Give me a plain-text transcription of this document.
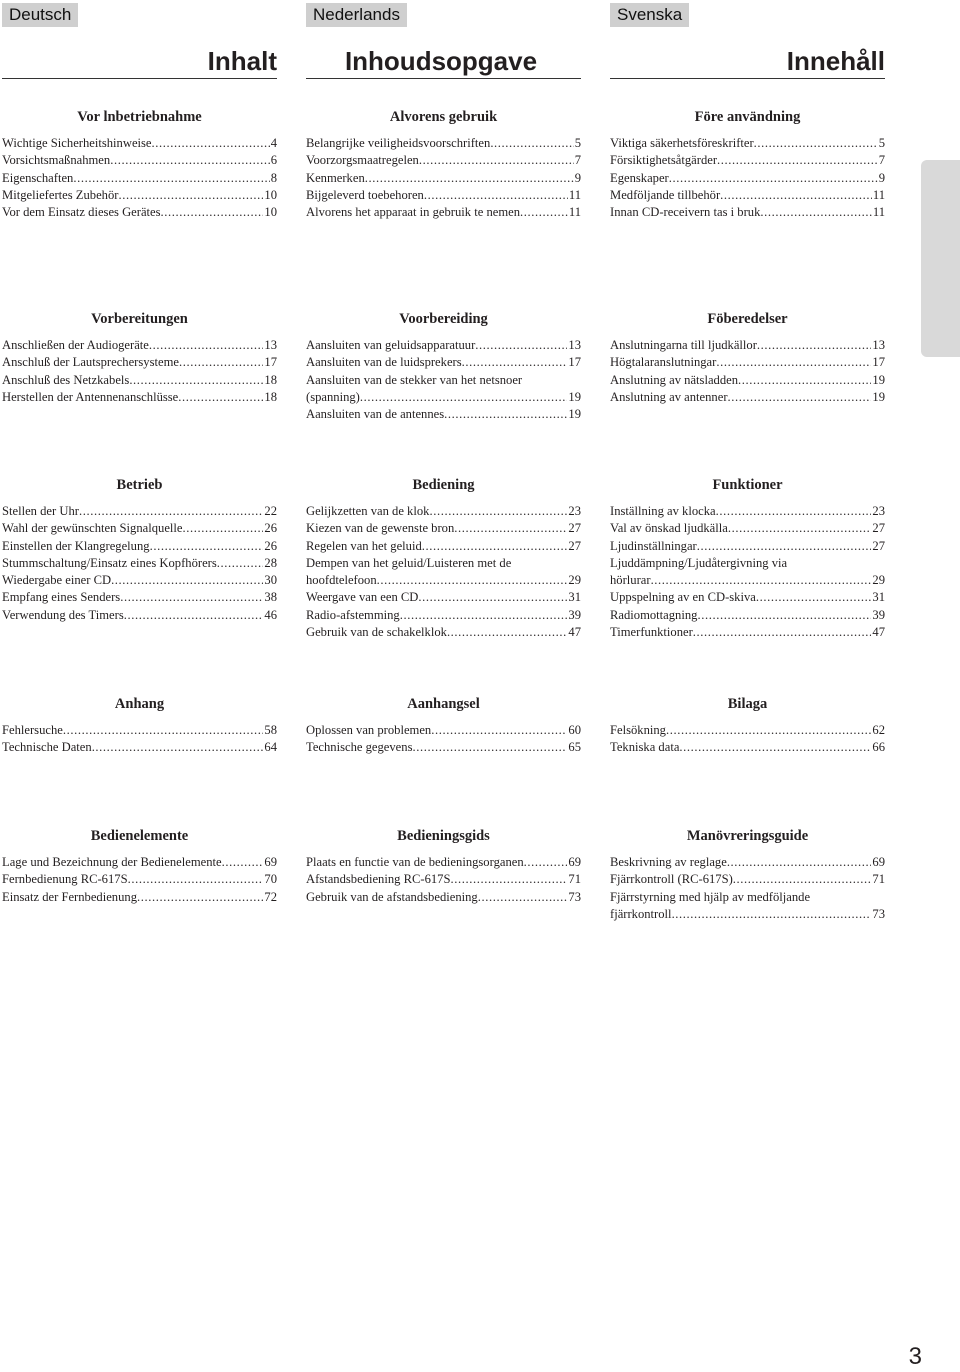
Deutsch
Inhalt
Vor lnbetriebnahme
Wichtige Sicherheitshinweise .....	4
Vorsichtsmaßnahmen .....	6
Eigenschaften .....	8
Mitgeliefertes Zubehör .....	10
Vor dem Einsatz dieses Gerätes .....	10
Vorbereitungen
Anschließen der Audiogeräte .....	13
Anschluß der Lautsprechersysteme .....	17
Anschluß des Netzkabels .....	18
Herstellen der Antennenanschlüsse .....	18
Betrieb
Stellen der Uhr .....	22
Wahl der gewünschten Signalquelle .....	26
Einstellen der Klangregelung .....	26
Stummschaltung/Einsatz eines Kopfhörers .....	28
Wiedergabe einer CD .....	30
Empfang eines Senders .....	38
Verwendung des Timers .....	46
Anhang
Fehlersuche .....	58
Technische Daten .....	64
Bedienelemente
Lage und Bezeichnung der Bedienelemente .....	69
Fernbedienung RC-617S .....	70
Einsatz der Fernbedienung .....	72
Nederlands
Inhoudsopgave
Alvorens gebruik
Belangrijke veiligheidsvoorschriften .....	5
Voorzorgsmaatregelen .....	7
Kenmerken .....	9
Bijgeleverd toebehoren .....	11
Alvorens het apparaat in gebruik te nemen .....	11
Voorbereiding
Aansluiten van geluidsapparatuur .....	13
Aansluiten van de luidsprekers .....	17
Aansluiten van de stekker van het netsnoer
(spanning) .....	19
Aansluiten van de antennes .....	19
Bediening
Gelijkzetten van de klok .....	23
Kiezen van de gewenste bron .....	27
Regelen van het geluid .....	27
Dempen van het geluid/Luisteren met de
hoofdtelefoon .....	29
Weergave van een CD .....	31
Radio-afstemming .....	39
Gebruik van de schakelklok .....	47
Aanhangsel
Oplossen van problemen .....	60
Technische gegevens .....	65
Bedieningsgids
Plaats en functie van de bedieningsorganen .....	69
Afstandsbediening RC-617S .....	71
Gebruik van de afstandsbediening .....	73
Svenska
Innehåll
Före användning
Viktiga säkerhetsföreskrifter .....	5
Försiktighetsåtgärder .....	7
Egenskaper .....	9
Medföljande tillbehör .....	11
Innan CD-receivern tas i bruk .....	11
Föberedelser
Anslutningarna till ljudkällor .....	13
Högtalaranslutningar .....	17
Anslutning av nätsladden .....	19
Anslutning av antenner .....	19
Funktioner
Inställning av klocka .....	23
Val av önskad ljudkälla .....	27
Ljudinställningar .....	27
Ljuddämpning/Ljudåtergivning via
hörlurar .....	29
Uppspelning av en CD-skiva .....	31
Radiomottagning .....	39
Timerfunktioner .....	47
Bilaga
Felsökning .....	62
Tekniska data .....	66
Manövreringsguide
Beskrivning av reglage .....	69
Fjärrkontroll (RC-617S) .....	71
Fjärrstyrning med hjälp av medföljande
fjärrkontroll .....	73
3
